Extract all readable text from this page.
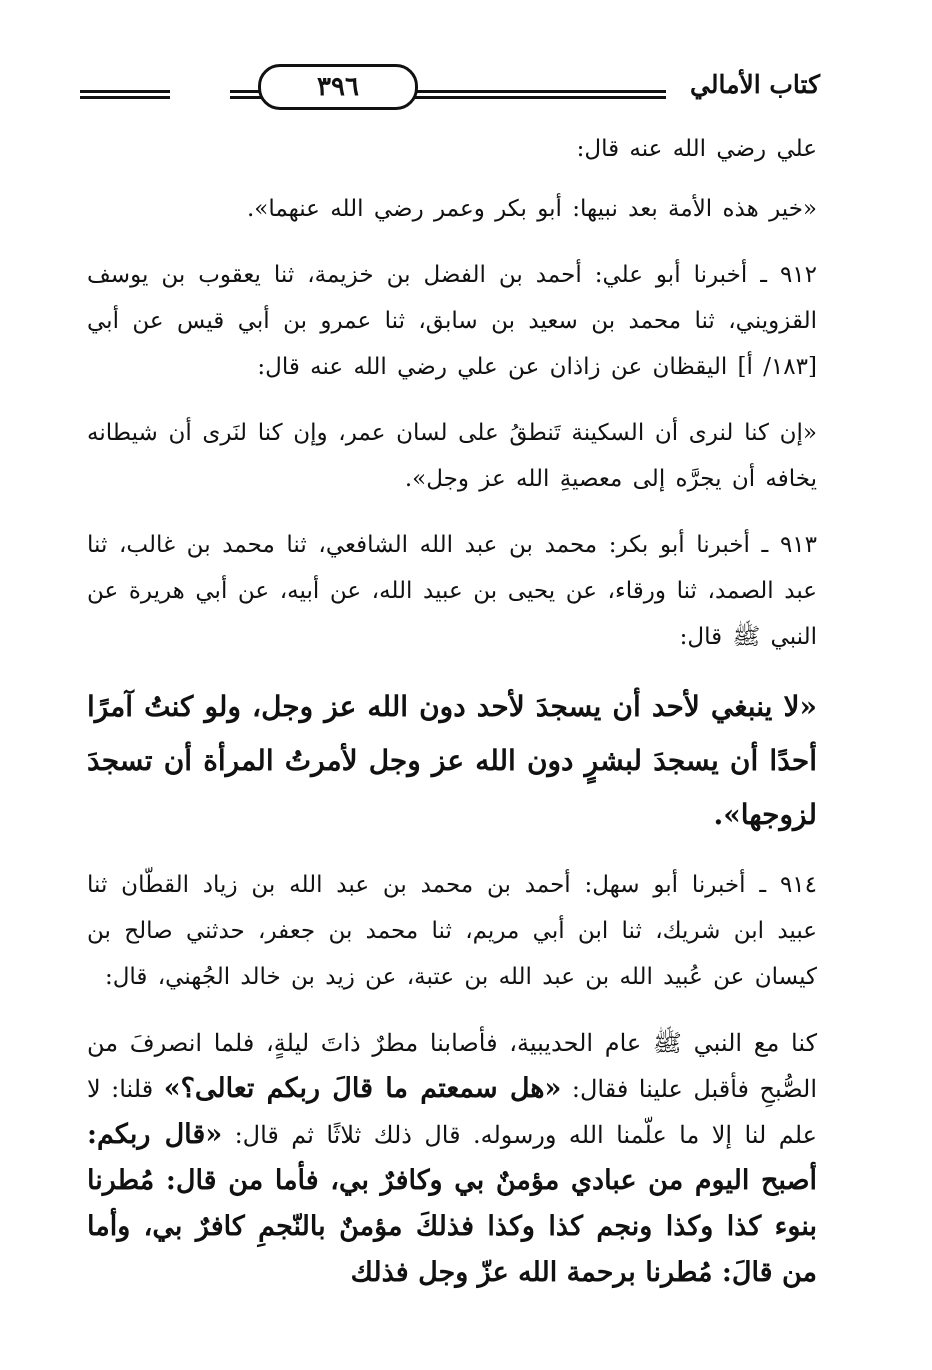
كتاب الأمالي
٣٩٦

علي رضي الله عنه قال:

«خير هذه الأمة بعد نبيها: أبو بكر وعمر رضي الله عنهما».

٩١٢ ـ أخبرنا أبو علي: أحمد بن الفضل بن خزيمة، ثنا يعقوب بن يوسف القزويني، ثنا محمد بن سعيد بن سابق، ثنا عمرو بن أبي قيس عن أبي [١٨٣/ أ] اليقظان عن زاذان عن علي رضي الله عنه قال:

«إن كنا لنرى أن السكينة تَنطقُ على لسان عمر، وإن كنا لنَرى أن شيطانه يخافه أن يجرَّه إلى معصيةِ الله عز وجل».

٩١٣ ـ أخبرنا أبو بكر: محمد بن عبد الله الشافعي، ثنا محمد بن غالب، ثنا عبد الصمد، ثنا ورقاء، عن يحيى بن عبيد الله، عن أبيه، عن أبي هريرة عن النبي ﷺ قال:

«لا ينبغي لأحد أن يسجدَ لأحد دون الله عز وجل، ولو كنتُ آمرًا أحدًا أن يسجدَ لبشرٍ دون الله عز وجل لأمرتُ المرأة أن تسجدَ لزوجها».

٩١٤ ـ أخبرنا أبو سهل: أحمد بن محمد بن عبد الله بن زياد القطّان ثنا عبيد ابن شريك، ثنا ابن أبي مريم، ثنا محمد بن جعفر، حدثني صالح بن كيسان عن عُبيد الله بن عبد الله بن عتبة، عن زيد بن خالد الجُهني، قال:

كنا مع النبي ﷺ عام الحديبية، فأصابنا مطرٌ ذاتَ ليلةٍ، فلما انصرفَ من الصُّبحِ فأقبل علينا فقال: «هل سمعتم ما قالَ ربكم تعالى؟» قلنا: لا علم لنا إلا ما علّمنا الله ورسوله. قال ذلك ثلاثًا ثم قال: «قال ربكم: أصبح اليوم من عبادي مؤمنٌ بي وكافرٌ بي، فأما من قال: مُطرنا بنوء كذا وكذا ونجم كذا وكذا فذلكَ مؤمنٌ بالنّجمِ كافرٌ بي، وأما من قالَ: مُطرنا برحمة الله عزّ وجل فذلك
